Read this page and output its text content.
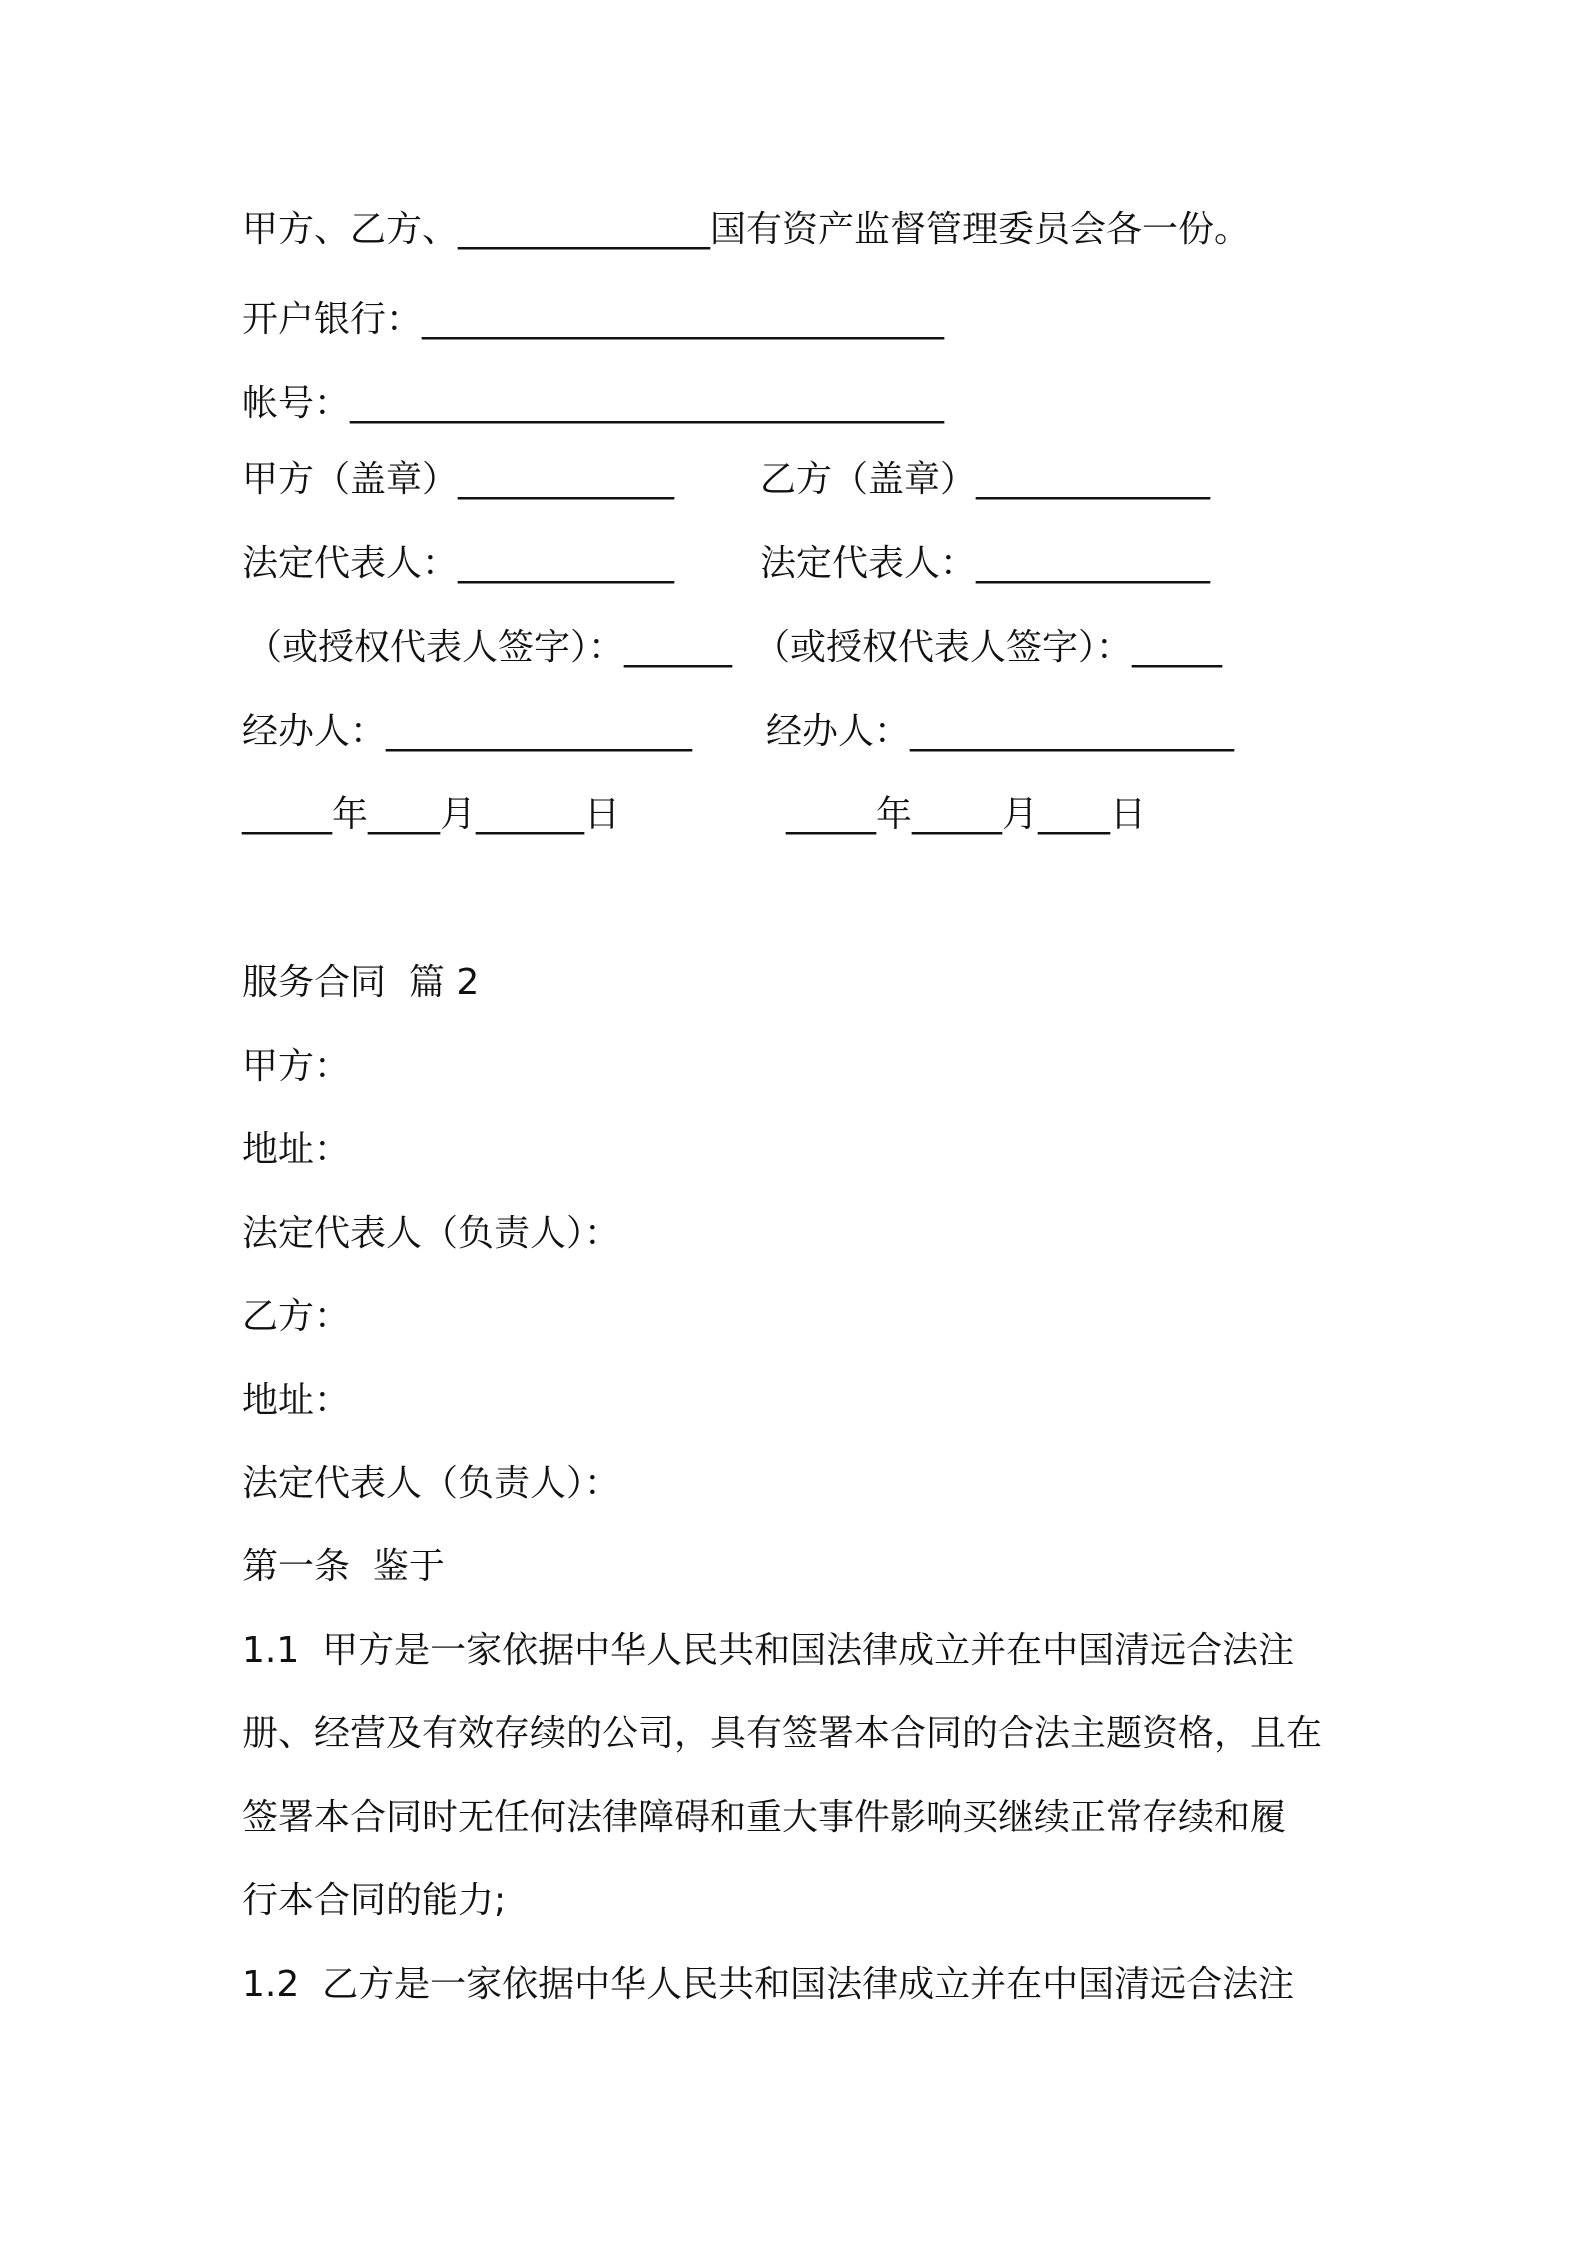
甲方、乙方、______________国有资产监督管理委员会各一份。
开户银行：_____________________________
帐号：_________________________________
甲方（盖章）____________ 乙方（盖章）_____________
法定代表人：____________ 法定代表人：_____________
（或授权代表人签字）：______ （或授权代表人签字）：_____
经办人：_________________ 经办人：__________________
_____年____月______日	_____年_____月____日
服务合同  篇 2
甲方：
地址：
法定代表人（负责人）：
乙方：
地址：
法定代表人（负责人）：
第一条  鉴于
1.1  甲方是一家依据中华人民共和国法律成立并在中国清远合法注
册、经营及有效存续的公司，具有签署本合同的合法主题资格，且在
签署本合同时无任何法律障碍和重大事件影响买继续正常存续和履
行本合同的能力;
1.2  乙方是一家依据中华人民共和国法律成立并在中国清远合法注
